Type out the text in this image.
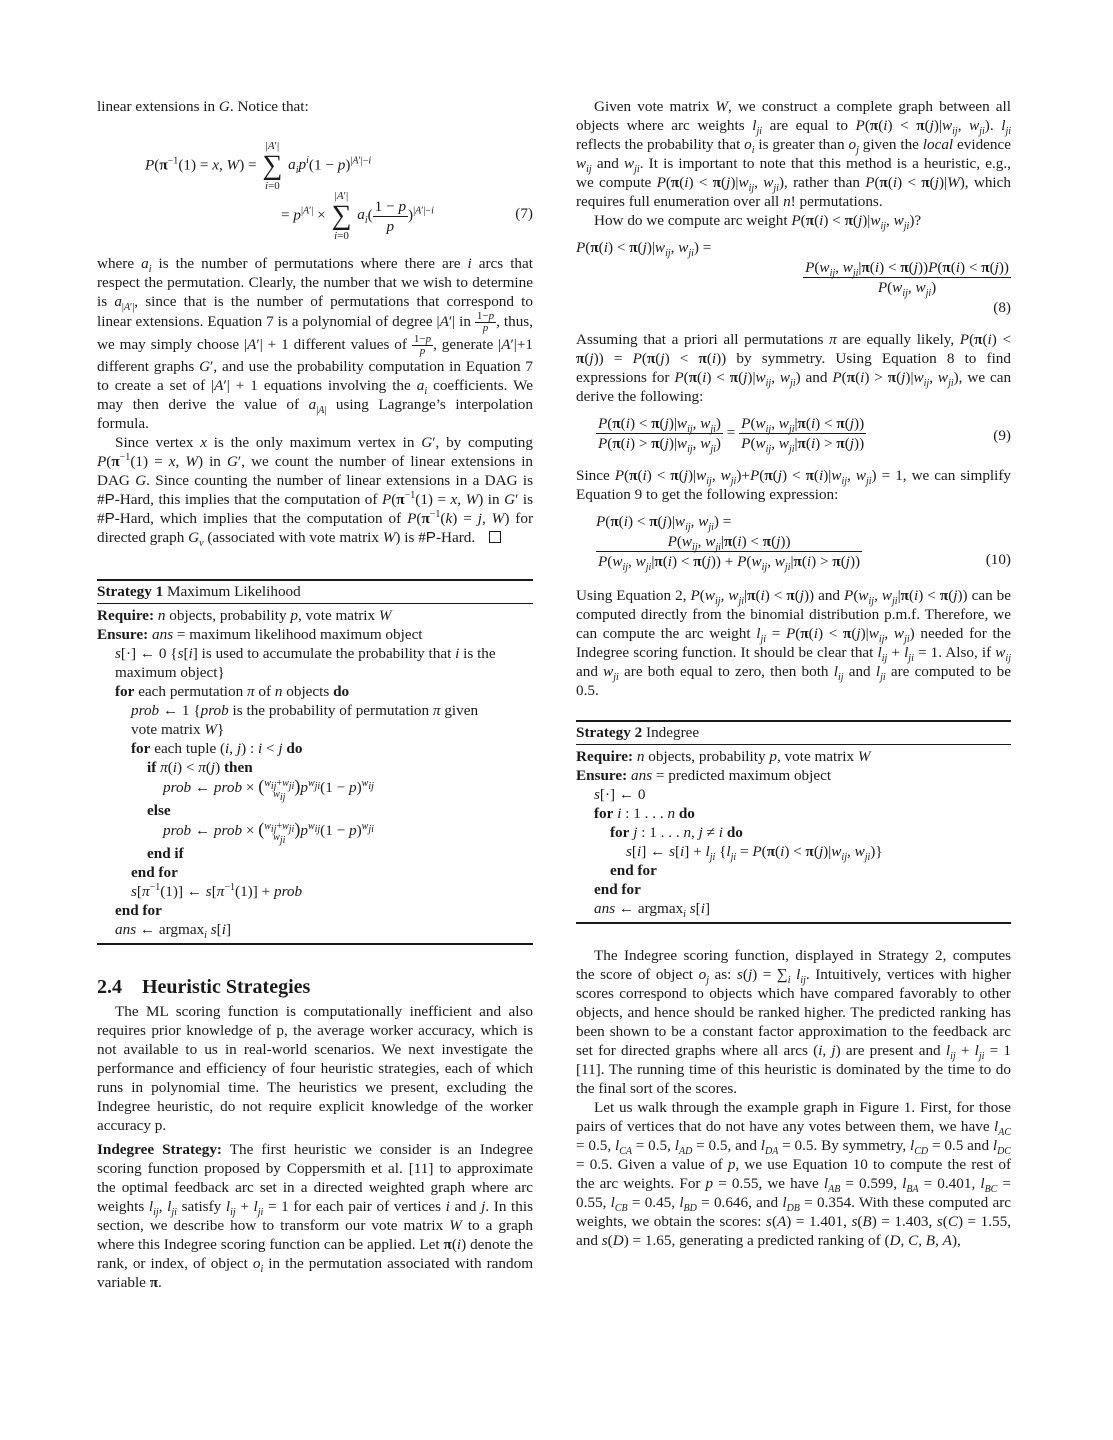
linear extensions in G. Notice that:

$P(\pi^{-1}(1) = x$, W) = |A′|
∑
i=0 $a_ip^i(1 - p)^{|A'|-i}$
= $p^{|A'|} \times |A'|$
∑
i=0 $a_i( \frac{1 - p}{p} )^{|A'|-i}$	(7)

where $a_i$ is the number of permutations where there are i arcs that respect the permutation. Clearly, the number that we wish to determine is $a_{|A'|}$, since that is the number of permutations that correspond to linear extensions. Equation 7 is a polynomial of degree |A′| in $\frac{1-p}{p}$ , thus, we may simply choose |A′| + 1 different values of $\frac{1-p}{p}$ , generate |A′|+1 different graphs G′, and use the probability computation in Equation 7 to create a set of |A′| + 1 equations involving the $a_i$ coefficients. We may then derive the value of $a_{|A|}$ using Lagrange’s interpolation formula.

Since vertex x is the only maximum vertex in G′, by computing $P(\pi^{-1}(1) = x$, W) in G′, we count the number of linear extensions in DAG G. Since counting the number of linear extensions in a DAG is #P-Hard, this implies that the computation of $P(\pi^{-1}(1) = x$, W) in G′ is #P-Hard, which implies that the computation of $P(\pi^{-1}(k) = j$, W) for directed graph $G_v$ (associated with vote matrix W) is #P-Hard.

Strategy 1 Maximum Likelihood
Require: n objects, probability p, vote matrix W
Ensure: ans = maximum likelihood maximum object
s[·] ← 0 {s[i] is used to accumulate the probability that i is the
maximum object}
for each permutation π of n objects do
prob ← 1 {prob is the probability of permutation π given
vote matrix W}
for each tuple (i, j) : i < j do
if π(i) < π(j) then
prob ← prob × ( $w_{ij}+w_{ji}$
$w_{ij}$
)$p^{w_{ji}}(1 - p)^{w_{ij}}$
else
prob ← prob × ( $w_{ij}+w_{ji}$
$w_{ji}$
)$p^{w_{ij}}(1 - p)^{w_{ji}}$
end if
end for
$s[\pi^{-1}(1)]$ ← $s[\pi^{-1}(1)]$ + prob
end for
ans ← argmax$_i$ s[i]
2.4 Heuristic Strategies

The ML scoring function is computationally inefficient and also requires prior knowledge of p, the average worker accuracy, which is not available to us in real-world scenarios. We next investigate the performance and efficiency of four heuristic strategies, each of which runs in polynomial time. The heuristics we present, excluding the Indegree heuristic, do not require explicit knowledge of the worker accuracy p.

Indegree Strategy: The first heuristic we consider is an Indegree scoring function proposed by Coppersmith et al. [11] to approximate the optimal feedback arc set in a directed weighted graph where arc weights $l_{ij}$, $l_{ji}$ satisfy $l_{ij} + l_{ji} = 1$ for each pair of vertices i and j. In this section, we describe how to transform our vote matrix W to a graph where this Indegree scoring function can be applied. Let π(i) denote the rank, or index, of object $o_i$ in the permutation associated with random variable π.

Given vote matrix W, we construct a complete graph between all objects where arc weights $l_{ji}$ are equal to $P(\pi(i) < \pi(j)|w_{ij}$, $w_{ji}$). $l_{ji}$ reflects the probability that $o_i$ is greater than $o_j$ given the local evidence $w_{ij}$ and $w_{ji}$. It is important to note that this method is a heuristic, e.g., we compute $P(\pi(i) < \pi(j)|w_{ij}$, $w_{ji}$), rather than P(π(i) < π(j)|W), which requires full enumeration over all n! permutations.

How do we compute arc weight $P(\pi(i) < \pi(j)|w_{ij}$, $w_{ji}$)?

$P(\pi(i) < \pi(j)|w_{ij}$, $w_{ji}$) =
$\frac{P(w_{ij}, w_{ji}|\pi(i) < \pi(j))P(\pi(i) < \pi(j))}{P(w_{ij}, w_{ji})}$
(8)

Assuming that a priori all permutations π are equally likely, P(π(i) < π(j)) = P(π(j) < π(i)) by symmetry. Using Equation 8 to find expressions for $P(\pi(i) < \pi(j)|w_{ij}$, $w_{ji}$) and $P(\pi(i) > \pi(j)|w_{ij}$, $w_{ji}$), we can derive the following:

$\frac{P(\pi(i) < \pi(j)|w_{ij}, w_{ji})}{P(\pi(i) > \pi(j)|w_{ij}, w_{ji})} = \frac{P(w_{ij}, w_{ji}|\pi(i) < \pi(j))}{P(w_{ij}, w_{ji}|\pi(i) > \pi(j))}$	(9)

Since $P(\pi(i) < \pi(j)|w_{ij}$, $w_{ji})+P(\pi(j) < \pi(i)|w_{ij}$, $w_{ji}) = 1$, we can simplify Equation 9 to get the following expression:

$P(\pi(i) < \pi(j)|w_{ij}$, $w_{ji}$) =
$\frac{P(w_{ij}, w_{ji}|\pi(i) < \pi(j))}{P(w_{ij}, w_{ji}|\pi(i) < \pi(j)) + P(w_{ij}, w_{ji}|\pi(i) > \pi(j))}$	(10)

Using Equation 2, $P(w_{ij}$, $w_{ji}|\pi(i) < \pi(j)$) and $P(w_{ij}$, $w_{ji}|\pi(i) < \pi(j)$) can be computed directly from the binomial distribution p.m.f. Therefore, we can compute the arc weight $l_{ji} = P(\pi(i) < \pi(j)|w_{ij}$, $w_{ji}$) needed for the Indegree scoring function. It should be clear that $l_{ij} + l_{ji} = 1$. Also, if $w_{ij}$ and $w_{ji}$ are both equal to zero, then both $l_{ij}$ and $l_{ji}$ are computed to be 0.5.

Strategy 2 Indegree
Require: n objects, probability p, vote matrix W
Ensure: ans = predicted maximum object
s[·] ← 0
for i : 1 . . . n do
for j : 1 . . . n, j ≠ i do
s[i] ← $s[i] + l_{ji}$ {$l_{ji} = P(\pi(i) < \pi(j)|w_{ij}$, $w_{ji}$)}
end for
end for
ans ← argmax$_i$ s[i]

The Indegree scoring function, displayed in Strategy 2, computes the score of object $o_j$ as: $s(j) = \sum_i$ $l_{ij}$. Intuitively, vertices with higher scores correspond to objects which have compared favorably to other objects, and hence should be ranked higher. The predicted ranking has been shown to be a constant factor approximation to the feedback arc set for directed graphs where all arcs (i, j) are present and $l_{ij} + l_{ji} = 1$ [11]. The running time of this heuristic is dominated by the time to do the final sort of the scores.

Let us walk through the example graph in Figure 1. First, for those pairs of vertices that do not have any votes between them, we have $l_{AC} = 0.5$, $l_{CA} = 0.5$, $l_{AD} = 0.5$, and $l_{DA} = 0.5$. By symmetry, $l_{CD} = 0.5$ and $l_{DC} = 0.5$. Given a value of p, we use Equation 10 to compute the rest of the arc weights. For p = 0.55, we have $l_{AB} = 0.599$, $l_{BA} = 0.401$, $l_{BC} = 0.55$, $l_{CB} = 0.45$, $l_{BD} = 0.646$, and $l_{DB} = 0.354$. With these computed arc weights, we obtain the scores: s(A) = 1.401, s(B) = 1.403, s(C) = 1.55, and s(D) = 1.65, generating a predicted ranking of (D, C, B, A),
